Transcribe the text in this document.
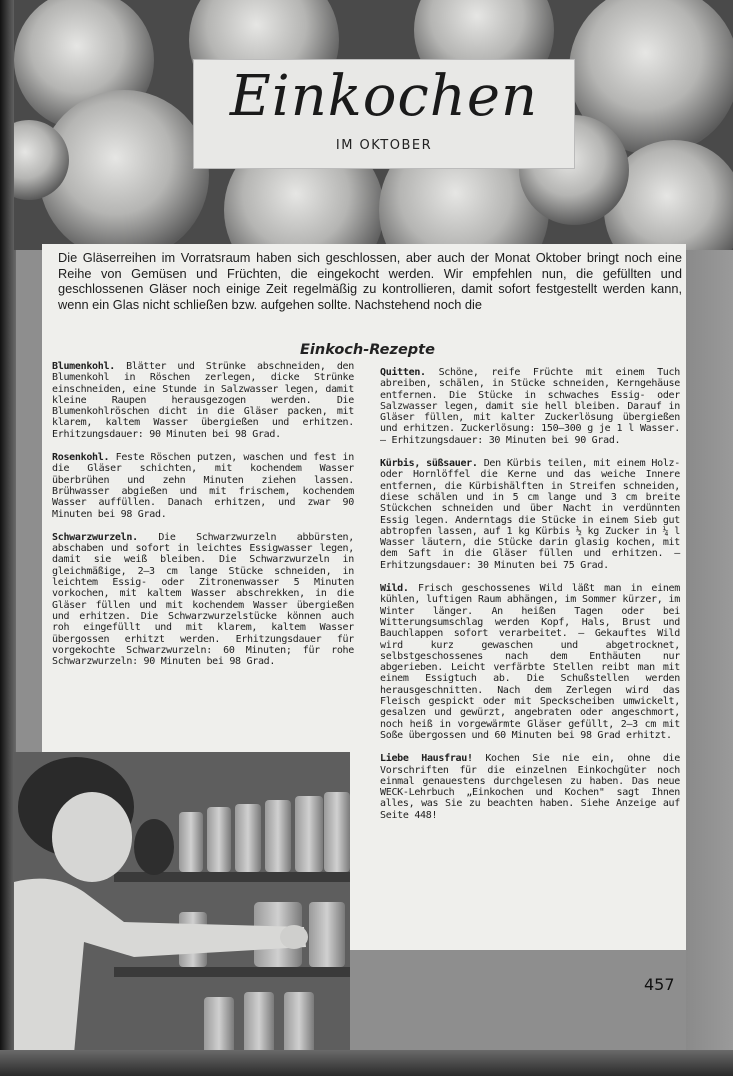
Einkochen
IM OKTOBER
Die Gläserreihen im Vorratsraum haben sich geschlossen, aber auch der Monat Oktober bringt noch eine Reihe von Gemüsen und Früchten, die eingekocht werden. Wir empfehlen nun, die gefüllten und geschlossenen Gläser noch einige Zeit regelmäßig zu kontrollieren, damit sofort festgestellt werden kann, wenn ein Glas nicht schließen bzw. aufgehen sollte. Nachstehend noch die
Einkoch-Rezepte

Blumenkohl. Blätter und Strünke abschneiden, den Blumenkohl in Röschen zerlegen, dicke Strünke einschneiden, eine Stunde in Salzwasser legen, damit kleine Raupen herausgezogen werden. Die Blumenkohlröschen dicht in die Gläser packen, mit klarem, kaltem Wasser übergießen und erhitzen. Erhitzungsdauer: 90 Minuten bei 98 Grad.

Rosenkohl. Feste Röschen putzen, waschen und fest in die Gläser schichten, mit kochendem Wasser überbrühen und zehn Minuten ziehen lassen. Brühwasser abgießen und mit frischem, kochendem Wasser auffüllen. Danach erhitzen, und zwar 90 Minuten bei 98 Grad.

Schwarzwurzeln. Die Schwarzwurzeln abbürsten, abschaben und sofort in leichtes Essigwasser legen, damit sie weiß bleiben. Die Schwarzwurzeln in gleichmäßige, 2—3 cm lange Stücke schneiden, in leichtem Essig- oder Zitronenwasser 5 Minuten vorkochen, mit kaltem Wasser abschrekken, in die Gläser füllen und mit kochendem Wasser übergießen und erhitzen. Die Schwarzwurzelstücke können auch roh eingefüllt und mit klarem, kaltem Wasser übergossen erhitzt werden. Erhitzungsdauer für vorgekochte Schwarzwurzeln: 60 Minuten; für rohe Schwarzwurzeln: 90 Minuten bei 98 Grad.

Quitten. Schöne, reife Früchte mit einem Tuch abreiben, schälen, in Stücke schneiden, Kerngehäuse entfernen. Die Stücke in schwaches Essig- oder Salzwasser legen, damit sie hell bleiben. Darauf in Gläser füllen, mit kalter Zuckerlösung übergießen und erhitzen. Zuckerlösung: 150—300 g je 1 l Wasser. — Erhitzungsdauer: 30 Minuten bei 90 Grad.

Kürbis, süßsauer. Den Kürbis teilen, mit einem Holz- oder Hornlöffel die Kerne und das weiche Innere entfernen, die Kürbishälften in Streifen schneiden, diese schälen und in 5 cm lange und 3 cm breite Stückchen schneiden und über Nacht in verdünnten Essig legen. Anderntags die Stücke in einem Sieb gut abtropfen lassen, auf 1 kg Kürbis ½ kg Zucker in ¼ l Wasser läutern, die Stücke darin glasig kochen, mit dem Saft in die Gläser füllen und erhitzen. — Erhitzungsdauer: 30 Minuten bei 75 Grad.

Wild. Frisch geschossenes Wild läßt man in einem kühlen, luftigen Raum abhängen, im Sommer kürzer, im Winter länger. An heißen Tagen oder bei Witterungsumschlag werden Kopf, Hals, Brust und Bauchlappen sofort verarbeitet. — Gekauftes Wild wird kurz gewaschen und abgetrocknet, selbstgeschossenes nach dem Enthäuten nur abgerieben. Leicht verfärbte Stellen reibt man mit einem Essigtuch ab. Die Schußstellen werden herausgeschnitten. Nach dem Zerlegen wird das Fleisch gespickt oder mit Speckscheiben umwickelt, gesalzen und gewürzt, angebraten oder angeschmort, noch heiß in vorgewärmte Gläser gefüllt, 2—3 cm mit Soße übergossen und 60 Minuten bei 98 Grad erhitzt.

Liebe Hausfrau! Kochen Sie nie ein, ohne die Vorschriften für die einzelnen Einkochgüter noch einmal genauestens durchgelesen zu haben. Das neue WECK-Lehrbuch „Einkochen und Kochen" sagt Ihnen alles, was Sie zu beachten haben. Siehe Anzeige auf Seite 448!

457
